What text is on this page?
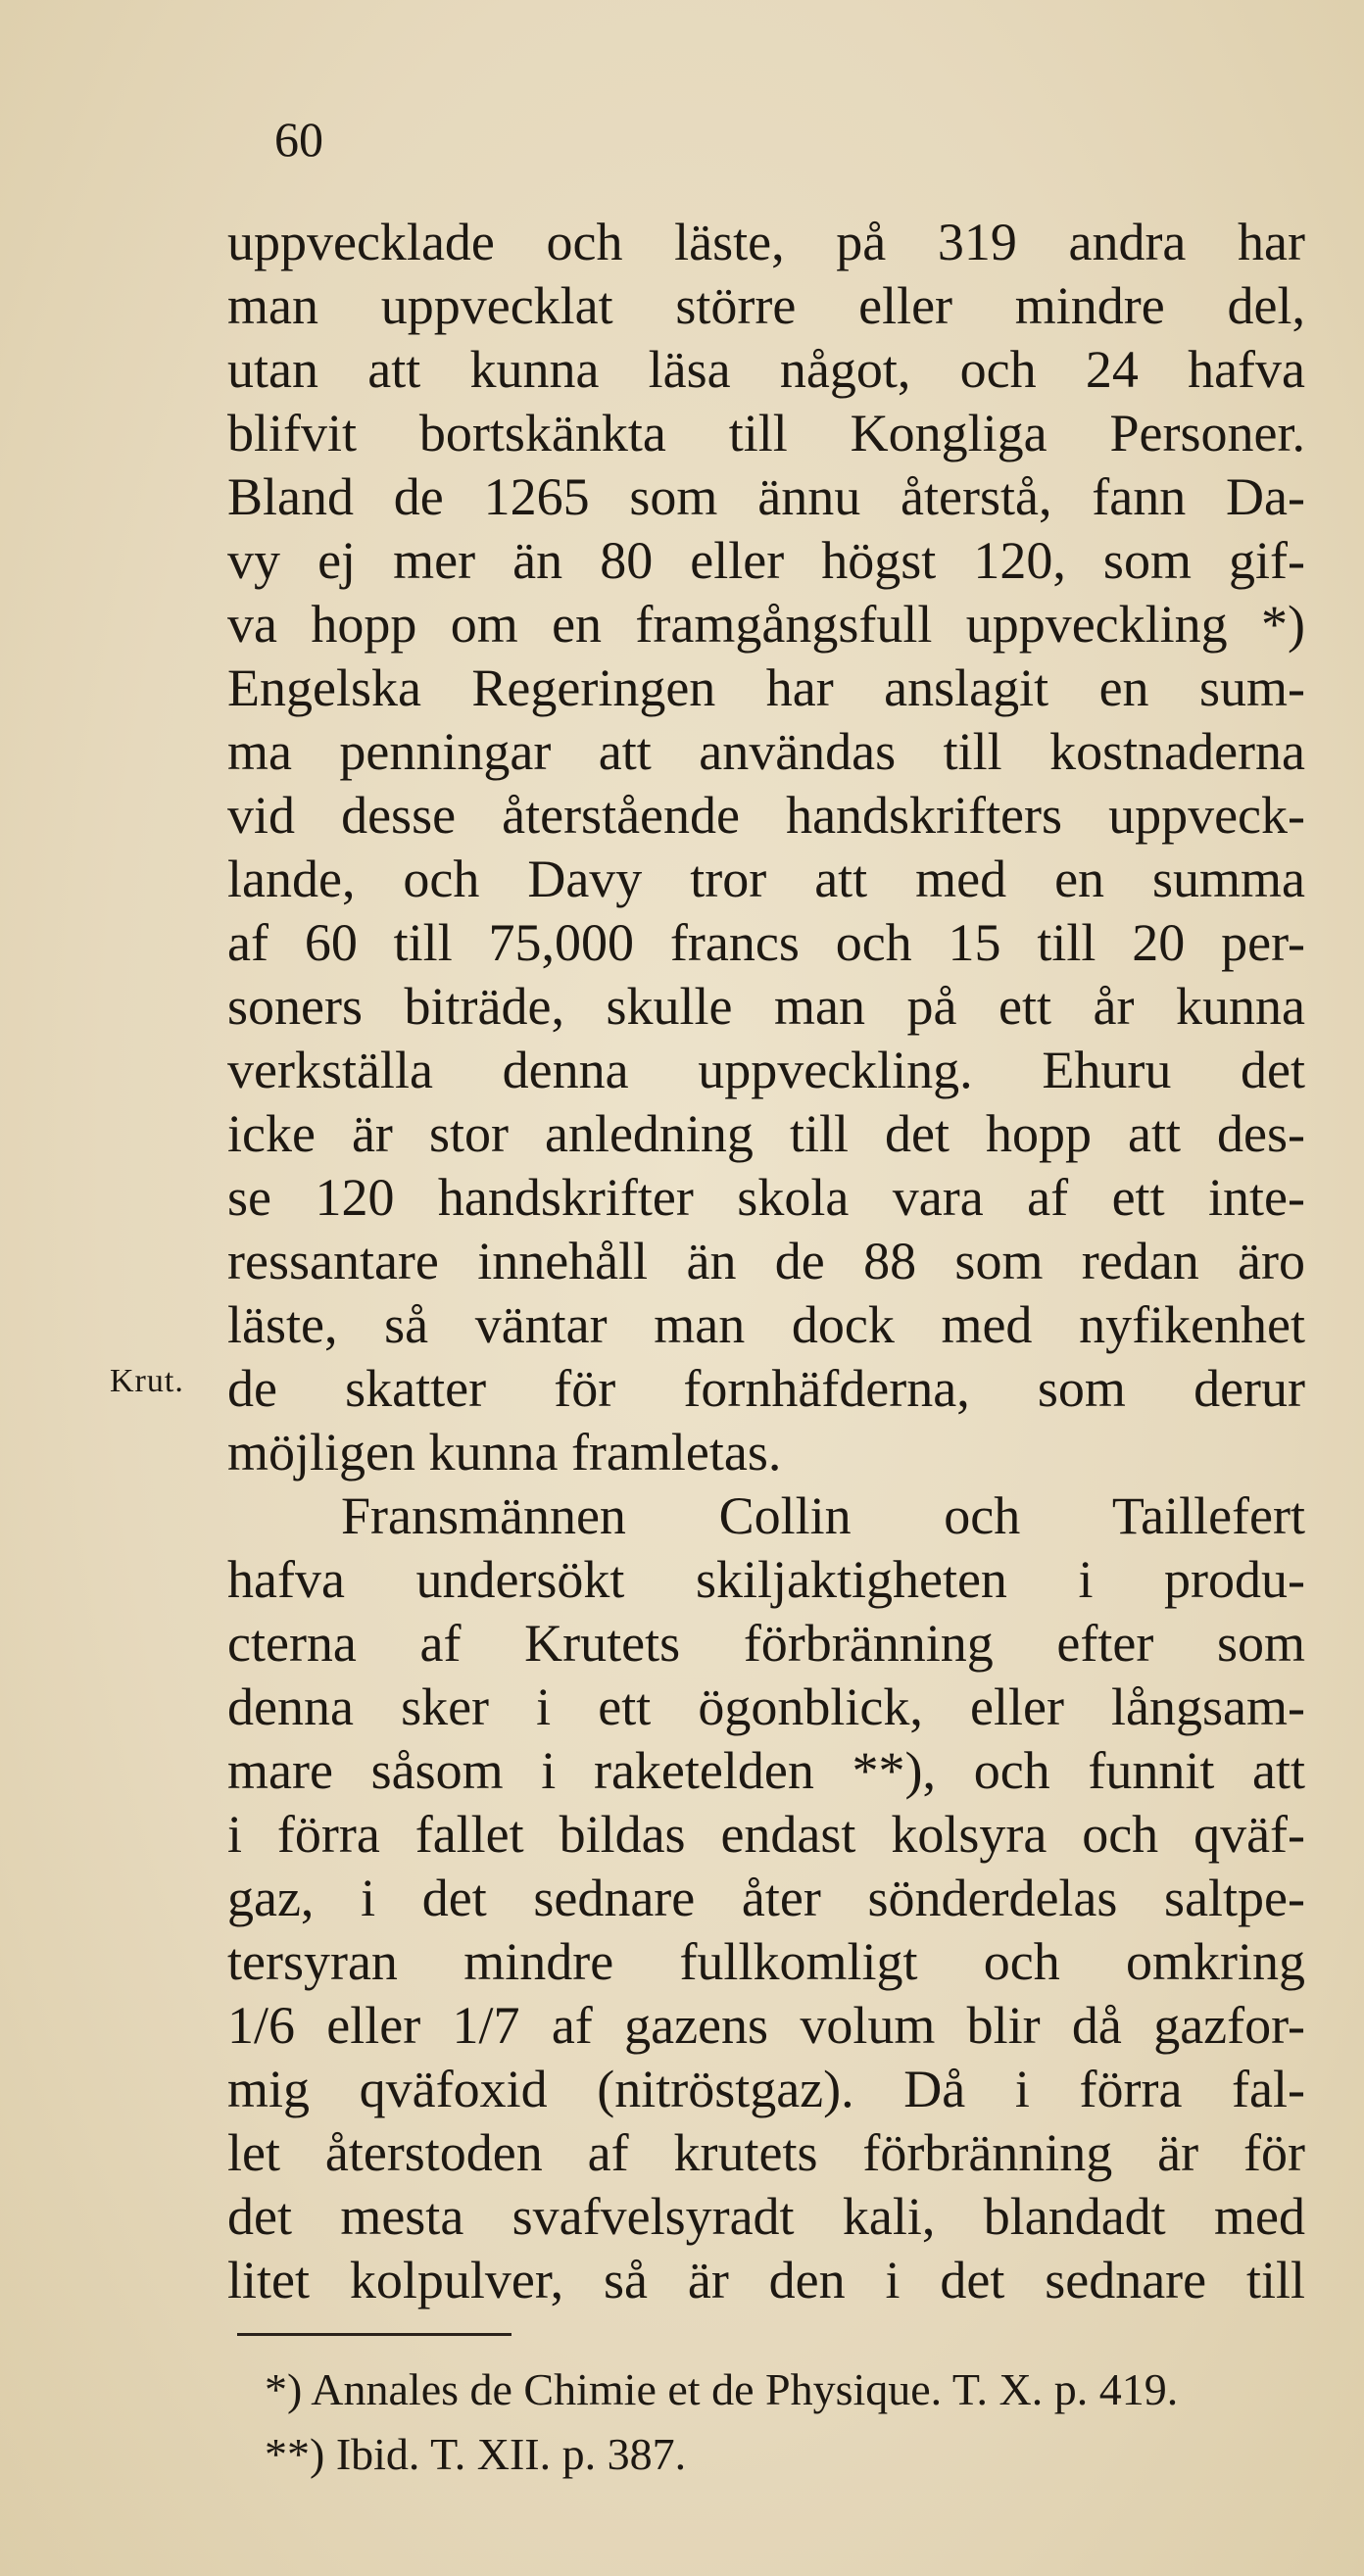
60
Krut.
uppvecklade och läste, på 319 andra har
man uppvecklat större eller mindre del,
utan att kunna läsa något, och 24 hafva
blifvit bortskänkta till Kongliga Personer.
Bland de 1265 som ännu återstå, fann Da-
vy ej mer än 80 eller högst 120, som gif-
va hopp om en framgångsfull uppveckling *)
Engelska Regeringen har anslagit en sum-
ma penningar att användas till kostnaderna
vid desse återstående handskrifters uppveck-
lande, och Davy tror att med en summa
af 60 till 75,000 francs och 15 till 20 per-
soners biträde, skulle man på ett år kunna
verkställa denna uppveckling. Ehuru det
icke är stor anledning till det hopp att des-
se 120 handskrifter skola vara af ett inte-
ressantare innehåll än de 88 som redan äro
läste, så väntar man dock med nyfikenhet
de skatter för fornhäfderna, som derur
möjligen kunna framletas.
Fransmännen Collin och Taillefert
hafva undersökt skiljaktigheten i produ-
cterna af Krutets förbränning efter som
denna sker i ett ögonblick, eller långsam-
mare såsom i raketelden **), och funnit att
i förra fallet bildas endast kolsyra och qväf-
gaz, i det sednare åter sönderdelas saltpe-
tersyran mindre fullkomligt och omkring
1/6 eller 1/7 af gazens volum blir då gazfor-
mig qväfoxid (nitröstgaz). Då i förra fal-
let återstoden af krutets förbränning är för
det mesta svafvelsyradt kali, blandadt med
litet kolpulver, så är den i det sednare till
*) Annales de Chimie et de Physique. T. X. p. 419.
**) Ibid. T. XII. p. 387.
